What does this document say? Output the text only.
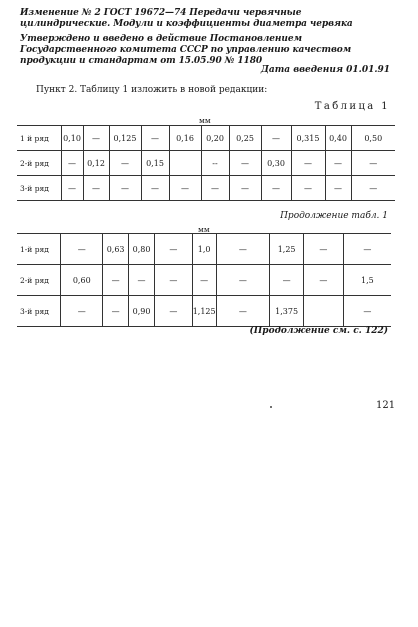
Изменение № 2 ГОСТ 19672—74 Передачи червячные цилиндрические. Модули и коэффициенты диаметра червяка

Утверждено и введено в действие Постановлением Государственного комитета СССР по управлению качеством продукции и стандартам от 15.05.90 № 1180

Дата введения 01.01.91
Пункт 2. Таблицу 1 изложить в новой редакции:
Таблица 1
мм
1 й ряд	0,10	—	0,125	—	0,16	0,20	0,25	—	0,315	0,40	0,50
2-й ряд	—	0,12	—	0,15		--	—	0,30	—	—	—
3-й ряд	—	—	—	—	—	—	—	—	—	—	—
Продолжение табл. 1
мм
1-й ряд	—	0,63	0,80	—	1,0	—	1,25	—	—
2-й ряд	0,60	—	—	—	—	—	—	—	1,5
3-й ряд	—	—	0,90	—	1,125	—	1,375		—
(Продолжение см. с. 122)
121
